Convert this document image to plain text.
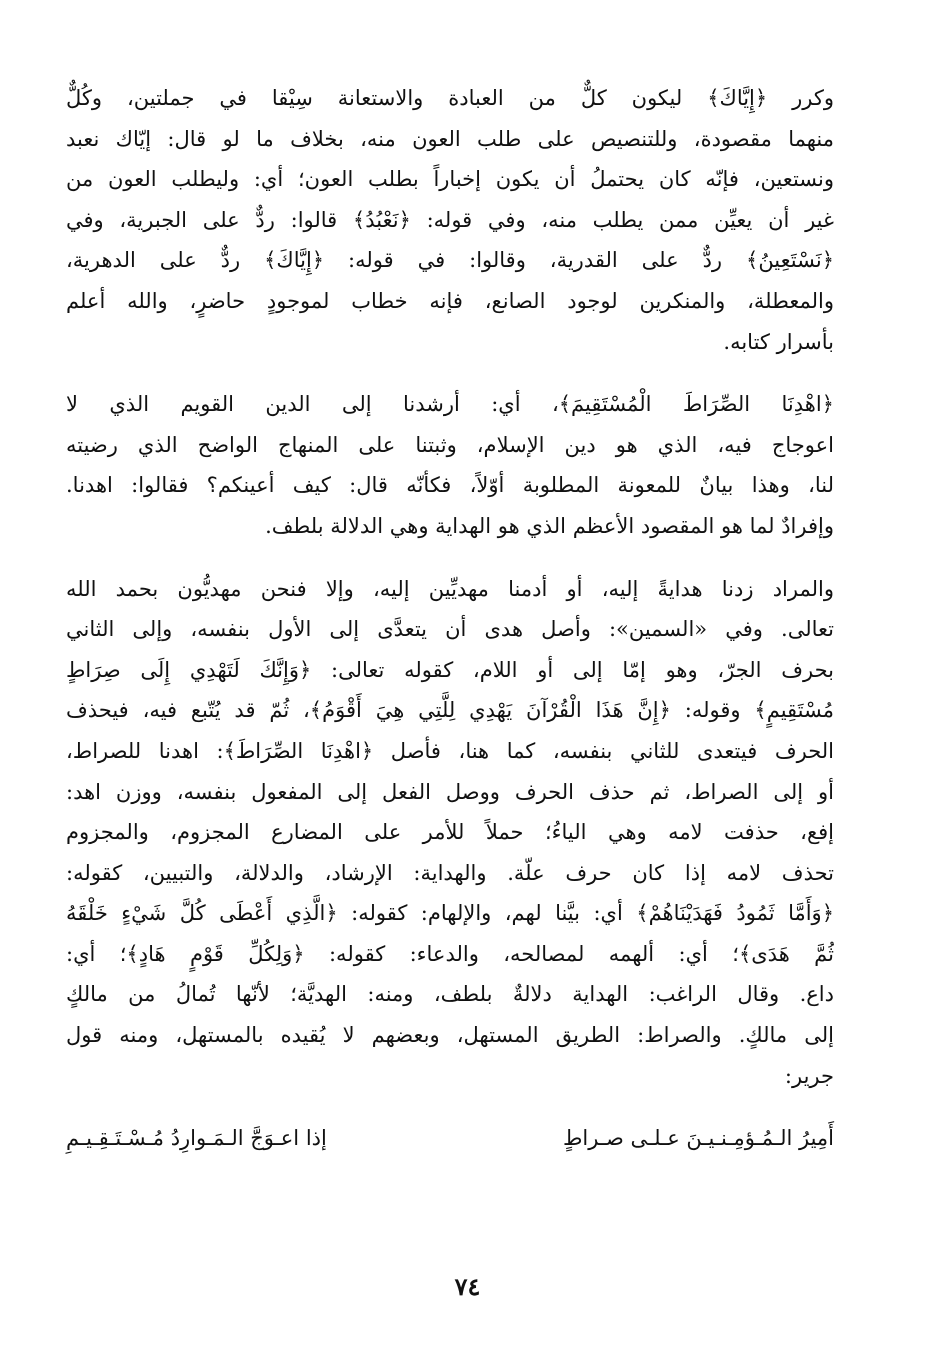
وكرر ﴿إِيَّاكَ﴾ ليكون كلٌّ من العبادة والاستعانة سِيْقا في جملتين، وكُلٌّ
منهما مقصودة، وللتنصيص على طلب العون منه، بخلاف ما لو قال: إيّاك نعبد
ونستعين، فإنّه كان يحتملُ أن يكون إخباراً بطلب العون؛ أي: وليطلب العون من
غير أن يعيِّن ممن يطلب منه، وفي قوله: ﴿نَعْبُدُ﴾ قالوا: ردٌّ على الجبرية، وفي
﴿نَسْتَعِينُ﴾ ردٌّ على القدرية، وقالوا: في قوله: ﴿إِيَّاكَ﴾ ردٌّ على الدهرية،
والمعطلة، والمنكرين لوجود الصانع، فإنه خطاب لموجودٍ حاضرٍ، والله أعلم
بأسرار كتابه.

﴿اهْدِنَا الصِّرَاطَ الْمُسْتَقِيمَ﴾، أي: أرشدنا إلى الدين القويم الذي لا
اعوجاج فيه، الذي هو دين الإسلام، وثبتنا على المنهاج الواضح الذي رضيته
لنا، وهذا بيانٌ للمعونة المطلوبة أوّلاً، فكأنّه قال: كيف أعينكم؟ فقالوا: اهدنا.
وإفرادٌ لما هو المقصود الأعظم الذي هو الهداية وهي الدلالة بلطف.

والمراد زدنا هدايةً إليه، أو أدمنا مهديِّين إليه، وإلا فنحن مهديُّون بحمد الله
تعالى. وفي «السمين»: وأصل هدى أن يتعدَّى إلى الأول بنفسه، وإلى الثاني
بحرف الجرّ، وهو إمّا إلى أو اللام، كقوله تعالى: ﴿وَإِنَّكَ لَتَهْدِي إِلَى صِرَاطٍ
مُسْتَقِيمٍ﴾ وقوله: ﴿إِنَّ هَذَا الْقُرْآنَ يَهْدِي لِلَّتِي هِيَ أَقْوَمُ﴾، ثُمّ قد يُتّبع فيه، فيحذف
الحرف فيتعدى للثاني بنفسه، كما هنا، فأصل ﴿اهْدِنَا الصِّرَاطَ﴾: اهدنا للصراط،
أو إلى الصراط، ثم حذف الحرف ووصل الفعل إلى المفعول بنفسه، ووزن اهد:
إفع، حذفت لامه وهي الياءُ؛ حملاً للأمر على المضارع المجزوم، والمجزوم
تحذف لامه إذا كان حرف علّة. والهداية: الإرشاد، والدلالة، والتبيين، كقوله:
﴿وَأَمَّا ثَمُودُ فَهَدَيْنَاهُمْ﴾ أي: بيَّنا لهم، والإلهام: كقوله: ﴿الَّذِي أَعْطَى كُلَّ شَيْءٍ خَلْقَهُ
ثُمَّ هَدَى﴾؛ أي: ألهمه لمصالحه، والدعاء: كقوله: ﴿وَلِكُلِّ قَوْمٍ هَادٍ﴾؛ أي:
داع. وقال الراغب: الهداية دلالةٌ بلطف، ومنه: الهديَّة؛ لأنّها تُمالُ من مالكٍ
إلى مالكٍ. والصراط: الطريق المستهل، وبعضهم لا يُقيده بالمستهل، ومنه قول
جرير:

أَمِيرُ الـمُـؤمِـنـيـنَ عـلـى صـراطٍ
إذا اعـوَجَّ الـمَـوارِدُ مُـسْـتَـقِـيـمِ
٧٤
